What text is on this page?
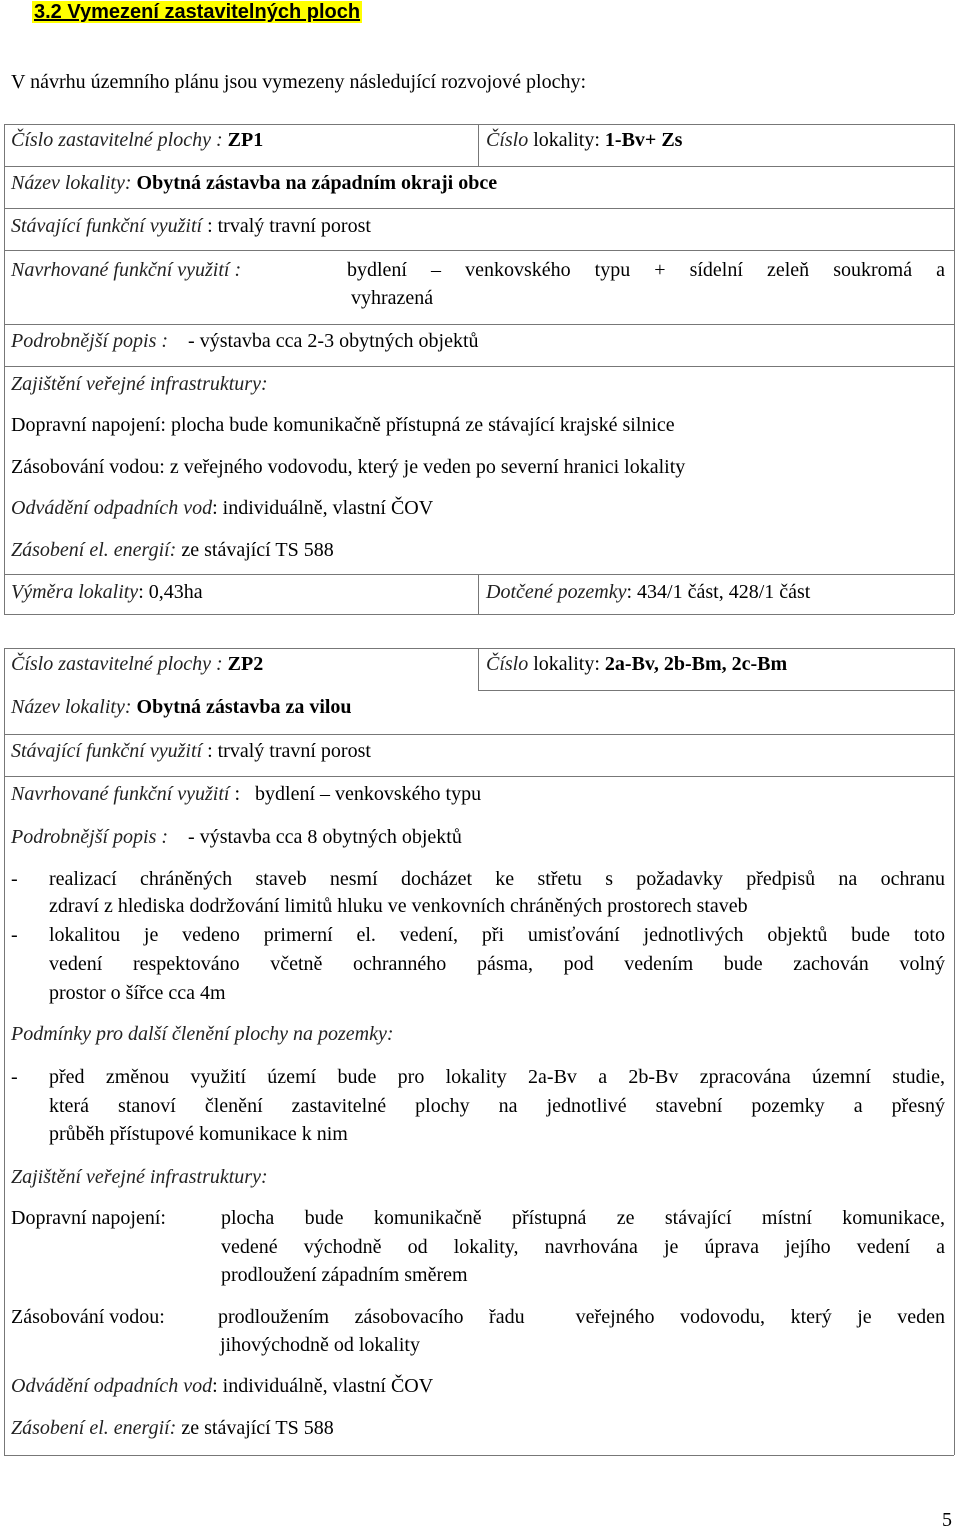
3.2 Vymezení zastavitelných ploch
V návrhu územního plánu jsou vymezeny následující rozvojové plochy:
Číslo zastavitelné plochy : ZP1	Číslo lokality: 1-Bv+ Zs
Název lokality: Obytná zástavba na západním okraji obce
Stávající funkční využití : trvalý travní porost
Navrhované funkční využití :	bydlení – venkovského typu + sídelní zeleň soukromá a
vyhrazená
Podrobnější popis :    - výstavba cca 2-3 obytných objektů
Zajištění veřejné infrastruktury:
Dopravní napojení: plocha bude komunikačně přístupná ze stávající krajské silnice
Zásobování vodou: z veřejného vodovodu, který je veden po severní hranici lokality
Odvádění odpadních vod: individuálně, vlastní ČOV
Zásobení el. energií: ze stávající TS 588
Výměra lokality: 0,43ha	Dotčené pozemky: 434/1 část, 428/1 část
Číslo zastavitelné plochy : ZP2	Číslo lokality: 2a-Bv, 2b-Bm, 2c-Bm
Název lokality: Obytná zástavba za vilou
Stávající funkční využití : trvalý travní porost
Navrhované funkční využití :   bydlení – venkovského typu
Podrobnější popis :    - výstavba cca 8 obytných objektů
- realizací chráněných staveb nesmí docházet ke střetu s požadavky předpisů na ochranu
zdraví z hlediska dodržování limitů hluku ve venkovních chráněných prostorech staveb
- lokalitou je vedeno primerní el. vedení, při umisťování jednotlivých objektů bude toto
vedení respektováno včetně ochranného pásma, pod vedením bude zachován volný
prostor o šířce cca 4m
Podmínky pro další členění plochy na pozemky:
- před změnou využití území bude pro lokality 2a-Bv a 2b-Bv zpracována územní studie,
která stanoví členění zastavitelné plochy na jednotlivé stavební pozemky a přesný
průběh přístupové komunikace k nim
Zajištění veřejné infrastruktury:
Dopravní napojení:	plocha bude komunikačně přístupná ze stávající místní komunikace,
vedené východně od lokality, navrhována je úprava jejího vedení a
prodloužení západním směrem
Zásobování vodou:	prodloužením zásobovacího řadu  veřejného vodovodu, který je veden
jihovýchodně od lokality
Odvádění odpadních vod: individuálně, vlastní ČOV
Zásobení el. energií: ze stávající TS 588
5
